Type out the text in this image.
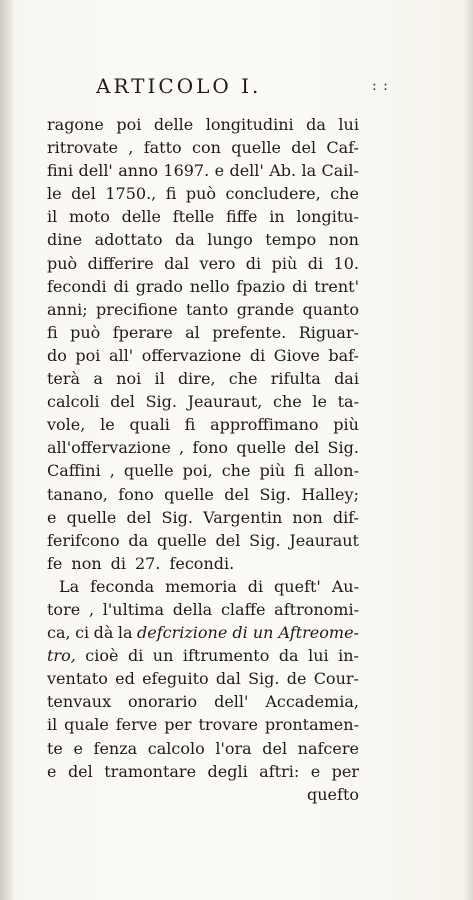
ARTICOLO I.	: :
ragone poi delle longitudini da lui
ritrovate , fatto con quelle del Caf-
fini dell' anno 1697. e dell' Ab. la Cail-
le del 1750., fi può concludere, che
il moto delle ftelle fiffe in longitu-
dine adottato da lungo tempo non
può differire dal vero di più di 10.
fecondi di grado nello fpazio di trent'
anni; precifione tanto grande quanto
fi può fperare al prefente. Riguar-
do poi all' offervazione di Giove baf-
terà a noi il dire, che rifulta dai
calcoli del Sig. Jeauraut, che le ta-
vole, le quali fi approffimano più
all'offervazione , fono quelle del Sig.
Caffini , quelle poi, che più fi allon-
tanano, fono quelle del Sig. Halley;
e quelle del Sig. Vargentin non dif-
ferifcono da quelle del Sig. Jeauraut
fe non di 27. fecondi.
La feconda memoria di queft' Au-
tore , l'ultima della claffe aftronomi-
ca, ci dà la defcrizione di un Aftreome-
tro, cioè di un iftrumento da lui in-
ventato ed efeguito dal Sig. de Cour-
tenvaux onorario dell' Accademia,
il quale ferve per trovare prontamen-
te e fenza calcolo l'ora del nafcere
e del tramontare degli aftri: e per
quefto
